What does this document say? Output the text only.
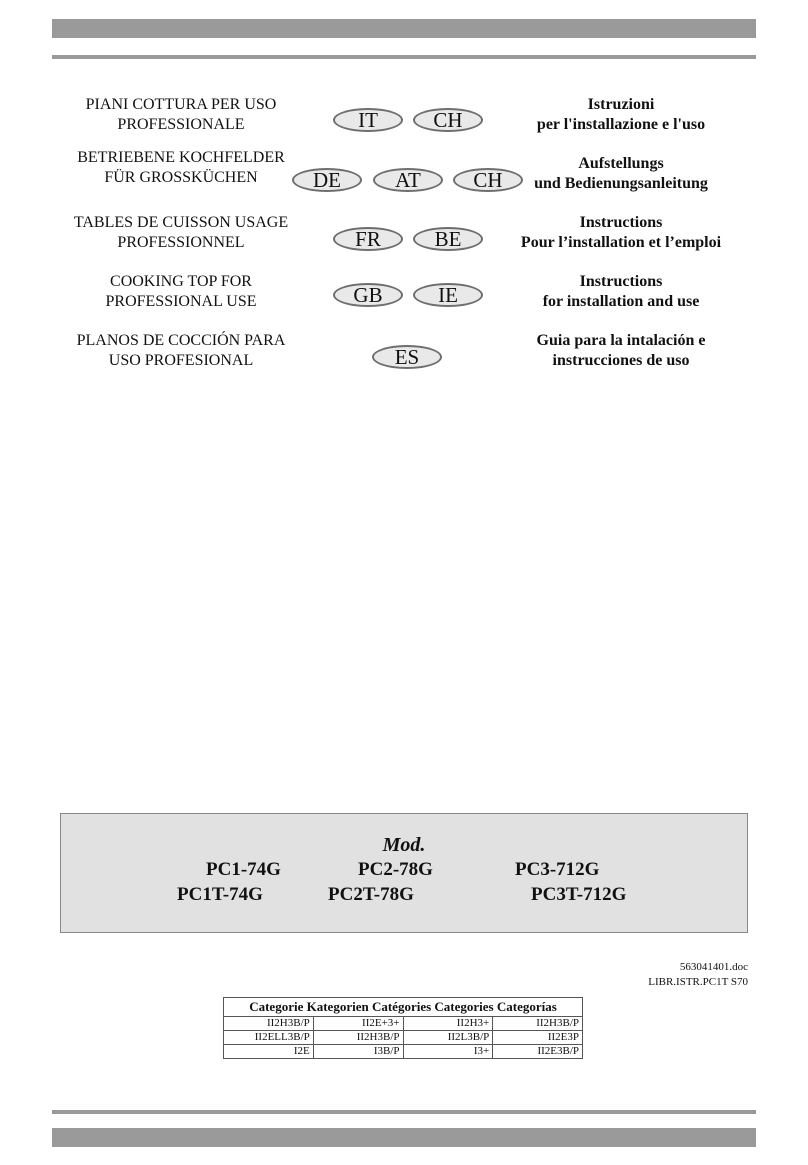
PIANI COTTURA PER USO
PROFESSIONALE	IT	CH
Istruzioni
per l'installazione e l'uso
BETRIEBENE KOCHFELDER
FÜR GROSSKÜCHEN	DE	AT	CH
Aufstellungs
und Bedienungsanleitung
TABLES DE CUISSON USAGE
PROFESSIONNEL	FR	BE
Instructions
Pour l’installation et l’emploi
COOKING TOP FOR
PROFESSIONAL USE	GB	IE
Instructions
for installation and use
PLANOS DE COCCIÓN PARA
USO PROFESIONAL	ES
Guia para la intalación e
instrucciones de uso
Mod.
PC1-74G	PC2-78G	PC3-712G
PC1T-74G	PC2T-78G	PC3T-712G
563041401.doc
LIBR.ISTR.PC1T S70
Categorie Kategorien Catégories Categories Categorías			
II2H3B/P	II2E+3+	II2H3+	II2H3B/P
II2ELL3B/P	II2H3B/P	II2L3B/P	II2E3P
I2E	I3B/P	I3+	II2E3B/P
